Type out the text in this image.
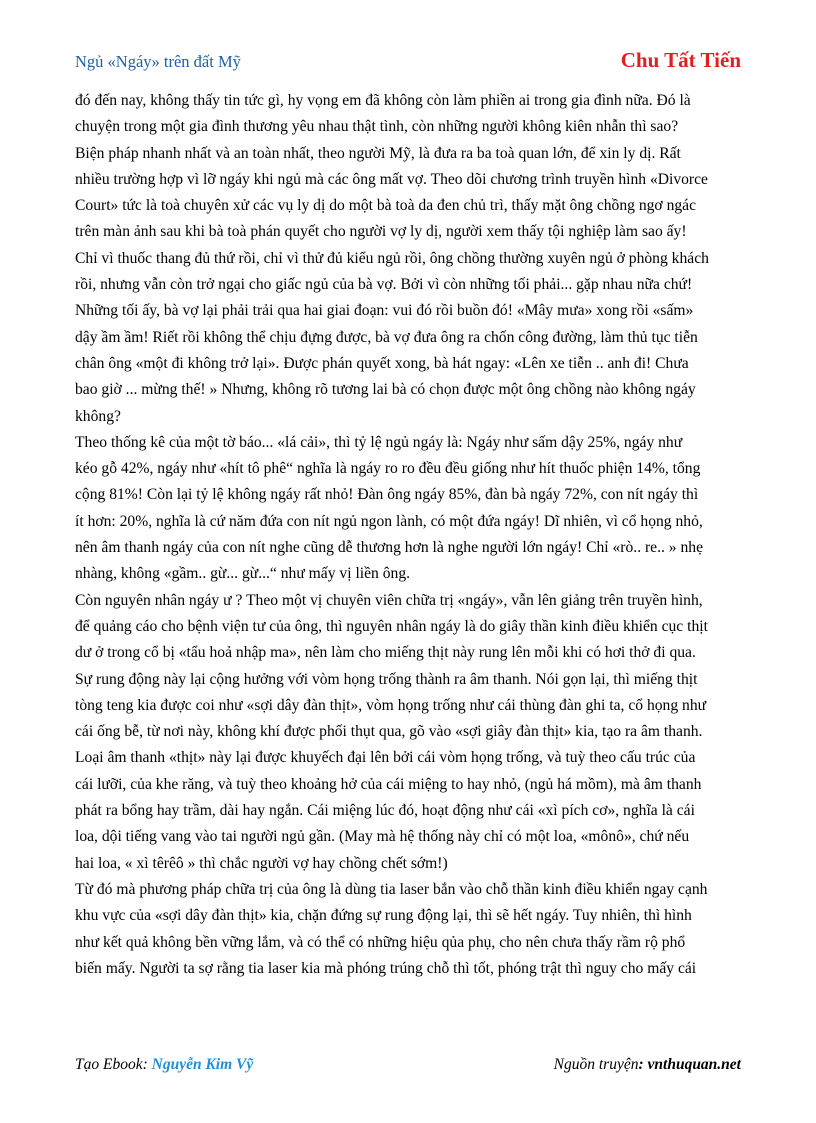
Ngủ «Ngáy» trên đất Mỹ	Chu Tất Tiến
đó đến nay, không thấy tin tức gì, hy vọng em đã không còn làm phiền ai trong gia đình nữa. Đó là
chuyện trong một gia đình thương yêu nhau thật tình, còn những người không kiên nhẫn thì sao?
Biện pháp nhanh nhất và an toàn nhất, theo người Mỹ, là đưa ra ba toà quan lớn, để xin ly dị. Rất
nhiều trường hợp vì lỡ ngáy khi ngủ mà các ông mất vợ. Theo dõi chương trình truyền hình «Divorce
Court» tức là toà chuyên xử các vụ ly dị do một bà toà da đen chủ trì, thấy mặt ông chồng ngơ ngác
trên màn ảnh sau khi bà toà phán quyết cho người vợ ly dị, người xem thấy tội nghiệp làm sao ấy!
Chỉ vì thuốc thang đủ thứ rồi, chỉ vì thử đủ kiểu ngủ rồi, ông chồng thường xuyên ngủ ở phòng khách
rồi, nhưng vẫn còn trở ngại cho giấc ngủ của bà vợ. Bởi vì còn những tối phải... gặp nhau nữa chứ!
Những tối ấy, bà vợ lại phải trải qua hai giai đoạn: vui đó rồi buồn đó! «Mây mưa» xong rồi «sấm»
dậy ầm ầm! Riết rồi không thể chịu đựng được, bà vợ đưa ông ra chốn công đường, làm thủ tục tiễn
chân ông «một đi không trở lại». Được phán quyết xong, bà hát ngay: «Lên xe tiễn .. anh đi! Chưa
bao giờ ... mừng thế! » Nhưng, không rõ tương lai bà có chọn được một ông chồng nào không ngáy
không?
Theo thống kê của một tờ báo... «lá cải», thì tỷ lệ ngủ ngáy là: Ngáy như sấm dậy 25%, ngáy như
kéo gỗ 42%, ngáy như «hít tô phê“ nghĩa là ngáy ro ro đều đều giống như hít thuốc phiện 14%, tổng
cộng 81%! Còn lại tỷ lệ không ngáy rất nhỏ! Đàn ông ngáy 85%, đàn bà ngáy 72%, con nít ngáy thì
ít hơn: 20%, nghĩa là cứ năm đứa con nít ngủ ngon lành, có một đứa ngáy! Dĩ nhiên, vì cổ họng nhỏ,
nên âm thanh ngáy của con nít nghe cũng dễ thương hơn là nghe người lớn ngáy! Chỉ «rò.. re.. » nhẹ
nhàng, không «gầm.. gừ... gừ...“ như mấy vị liền ông.
Còn nguyên nhân ngáy ư ? Theo một vị chuyên viên chữa trị «ngáy», vẫn lên giảng trên truyền hình,
để quảng cáo cho bệnh viện tư của ông, thì nguyên nhân ngáy là do giây thần kinh điều khiển cục thịt
dư ở trong cổ bị «tẩu hoả nhập ma», nên làm cho miếng thịt này rung lên mỗi khi có hơi thở đi qua.
Sự rung động này lại cộng hưởng với vòm họng trống thành ra âm thanh. Nói gọn lại, thì miếng thịt
tòng teng kia được coi như «sợi dây đàn thịt», vòm họng trống như cái thùng đàn ghi ta, cổ họng như
cái ống bễ, từ nơi này, không khí được phối thụt qua, gõ vào «sợi giây đàn thịt» kia, tạo ra âm thanh.
Loại âm thanh «thịt» này lại được khuyếch đại lên bởi cái vòm họng trống, và tuỳ theo cấu trúc của
cái lưỡi, của khe răng, và tuỳ theo khoảng hở của cái miệng to hay nhỏ, (ngủ há mồm), mà âm thanh
phát ra bổng hay trầm, dài hay ngắn. Cái miệng lúc đó, hoạt động như cái «xì pích cơ», nghĩa là cái
loa, dội tiếng vang vào tai người ngủ gần. (May mà hệ thống này chỉ có một loa, «mônô», chứ nếu
hai loa, « xì têrêô » thì chắc người vợ hay chồng chết sớm!)
Từ đó mà phương pháp chữa trị của ông là dùng tia laser bắn vào chỗ thần kinh điều khiển ngay cạnh
khu vực của «sợi dây đàn thịt» kia, chặn đứng sự rung động lại, thì sẽ hết ngáy. Tuy nhiên, thì hình
như kết quả không bền vững lắm, và có thể có những hiệu qủa phụ, cho nên chưa thấy rầm rộ phổ
biến mấy. Người ta sợ rằng tia laser kia mà phóng trúng chỗ thì tốt, phóng trật thì nguy cho mấy cái
Tạo Ebook: Nguyễn Kim Vỹ	Nguồn truyện: vnthuquan.net
